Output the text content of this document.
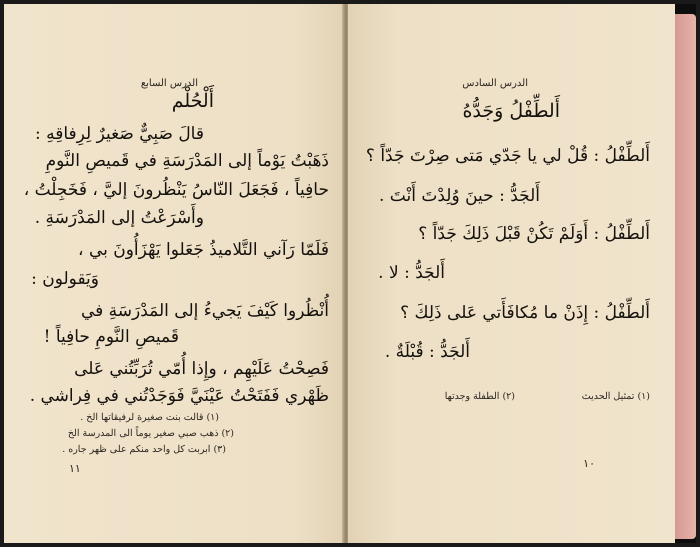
الدرس السابع
أَلْحُلْم
قالَ صَبِيٌّ صَغيرٌ لِرِفاقِهِ :
ذَهَبْتُ يَوْماً إلى المَدْرَسَةِ في قَميصِ النَّومِ
حافِياً ، فَجَعَلَ النّاسُ يَنْظُرونَ إليَّ ، فَخَجِلْتُ ،
وأَسْرَعْتُ إلى المَدْرَسَةِ .
فَلَمّا رَآني التَّلاميذُ جَعَلوا يَهْزَأُونَ بي ،
وَيَقولون :
أُنْظُروا كَيْفَ يَجيءُ إلى المَدْرَسَةِ في
قَميصِ النَّومِ حافِياً !
فَصِحْتُ عَلَيْهِم ، وإِذا أُمّي تُرَبِّتُني عَلى
ظَهْري فَفَتَحْتُ عَيْنَيَّ فَوَجَدْتُني في فِراشي .
(١) قالت بنت صغيرة لرفيقاتها الخ .
(٢) ذهب صبي صغير يوماً الى المدرسة الخ
(٣) ابربت كل واحد منكم على ظهر جاره .
١١
الدرس السادس
أَلطِّفْلُ وَجَدُّهُ
أَلطِّفْلُ : قُلْ لي يا جَدّي مَتى صِرْتَ جَدّاً ؟
أَلجَدُّ : حينَ وُلِدْتَ أَنْتَ .
أَلطِّفْلُ : أَوَلَمْ تَكُنْ قَبْلَ ذَلِكَ جَدّاً ؟
أَلجَدُّ : لا .
أَلطِّفْلُ : إِذَنْ ما مُكافَأَتي عَلى ذَلِكَ ؟
أَلجَدُّ : قُبْلَةٌ .
(١) تمثيل الحديث
(٢) الطفلة وجدتها
١٠
